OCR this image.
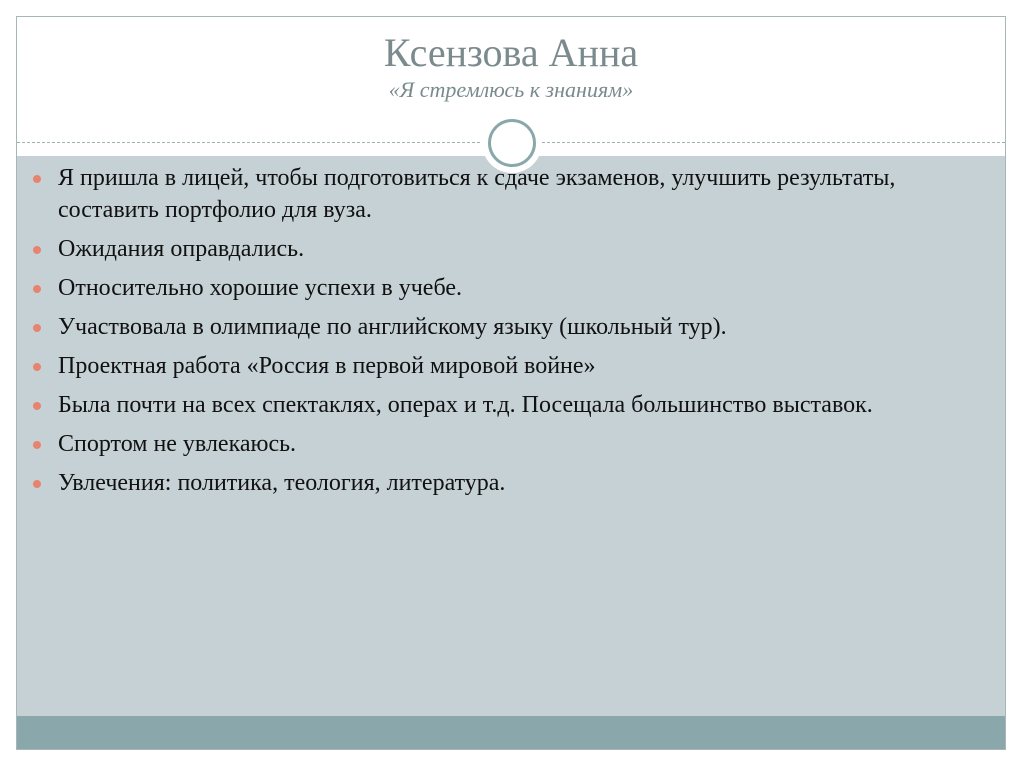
Ксензова Анна
«Я стремлюсь к знаниям»
Я пришла в лицей, чтобы подготовиться к сдаче экзаменов, улучшить результаты, составить портфолио для вуза.
Ожидания оправдались.
Относительно хорошие успехи в учебе.
Участвовала в олимпиаде по английскому языку (школьный тур).
Проектная работа «Россия в первой мировой войне»
Была почти на всех спектаклях, операх и т.д. Посещала большинство выставок.
Спортом не увлекаюсь.
Увлечения: политика, теология, литература.
